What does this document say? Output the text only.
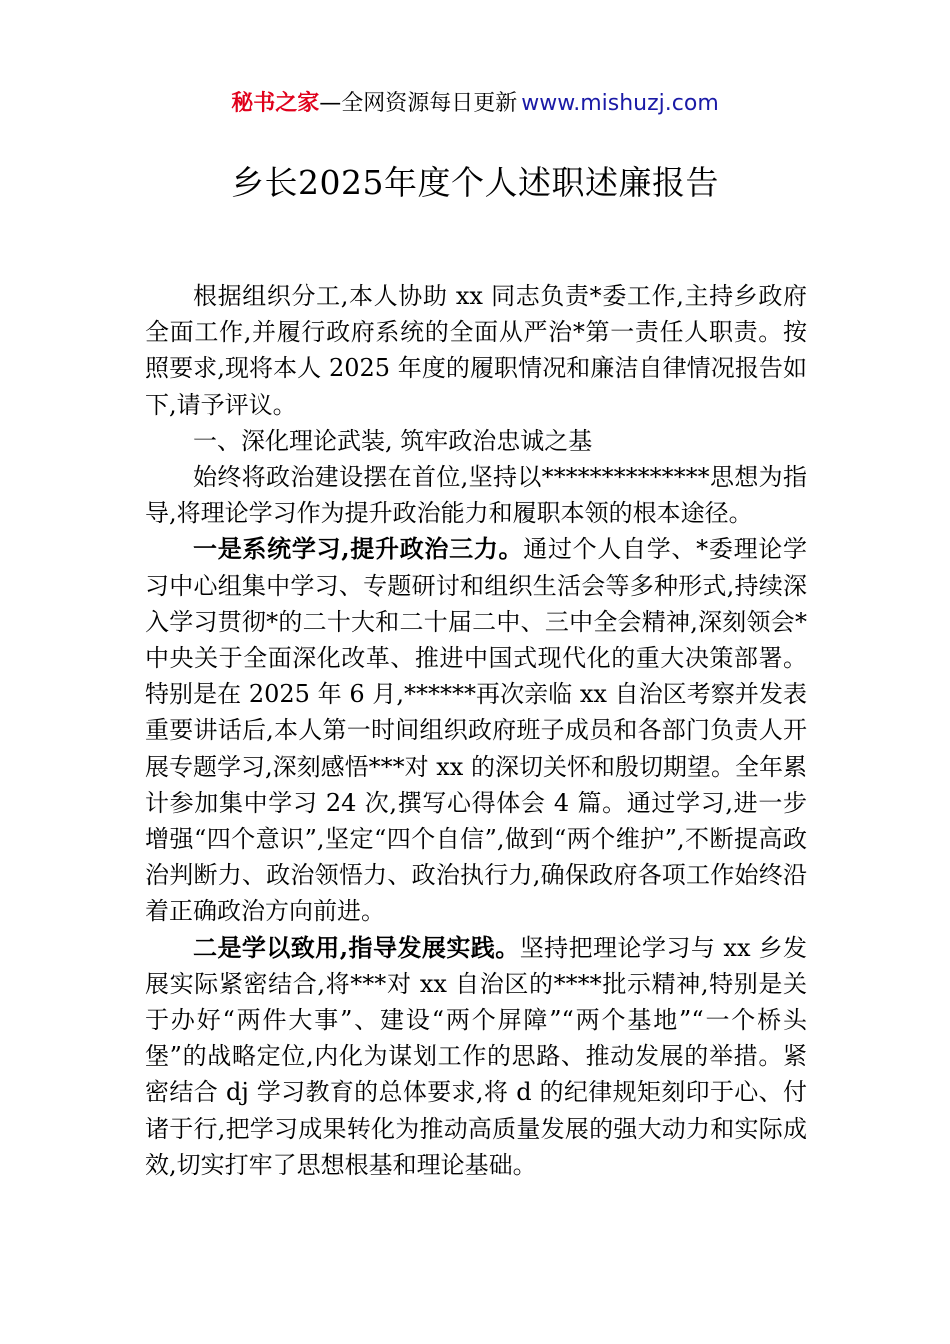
秘书之家—全网资源每日更新 www.mishuzj.com
乡长2025年度个人述职述廉报告

根据组织分工,本人协助 xx 同志负责*委工作,主持乡政府全面工作,并履行政府系统的全面从严治*第一责任人职责。按照要求,现将本人 2025 年度的履职情况和廉洁自律情况报告如下,请予评议。

一、深化理论武装, 筑牢政治忠诚之基

始终将政治建设摆在首位,坚持以**************思想为指导,将理论学习作为提升政治能力和履职本领的根本途径。

一是系统学习,提升政治三力。通过个人自学、*委理论学习中心组集中学习、专题研讨和组织生活会等多种形式,持续深入学习贯彻*的二十大和二十届二中、三中全会精神,深刻领会*中央关于全面深化改革、推进中国式现代化的重大决策部署。特别是在 2025 年 6 月,******再次亲临 xx 自治区考察并发表重要讲话后,本人第一时间组织政府班子成员和各部门负责人开展专题学习,深刻感悟***对 xx 的深切关怀和殷切期望。全年累计参加集中学习 24 次,撰写心得体会 4 篇。通过学习,进一步增强“四个意识”,坚定“四个自信”,做到“两个维护”,不断提高政治判断力、政治领悟力、政治执行力,确保政府各项工作始终沿着正确政治方向前进。

二是学以致用,指导发展实践。坚持把理论学习与 xx 乡发展实际紧密结合,将***对 xx 自治区的****批示精神,特别是关于办好“两件大事”、建设“两个屏障”“两个基地”“一个桥头堡”的战略定位,内化为谋划工作的思路、推动发展的举措。紧密结合 dj 学习教育的总体要求,将 d 的纪律规矩刻印于心、付诸于行,把学习成果转化为推动高质量发展的强大动力和实际成效,切实打牢了思想根基和理论基础。
